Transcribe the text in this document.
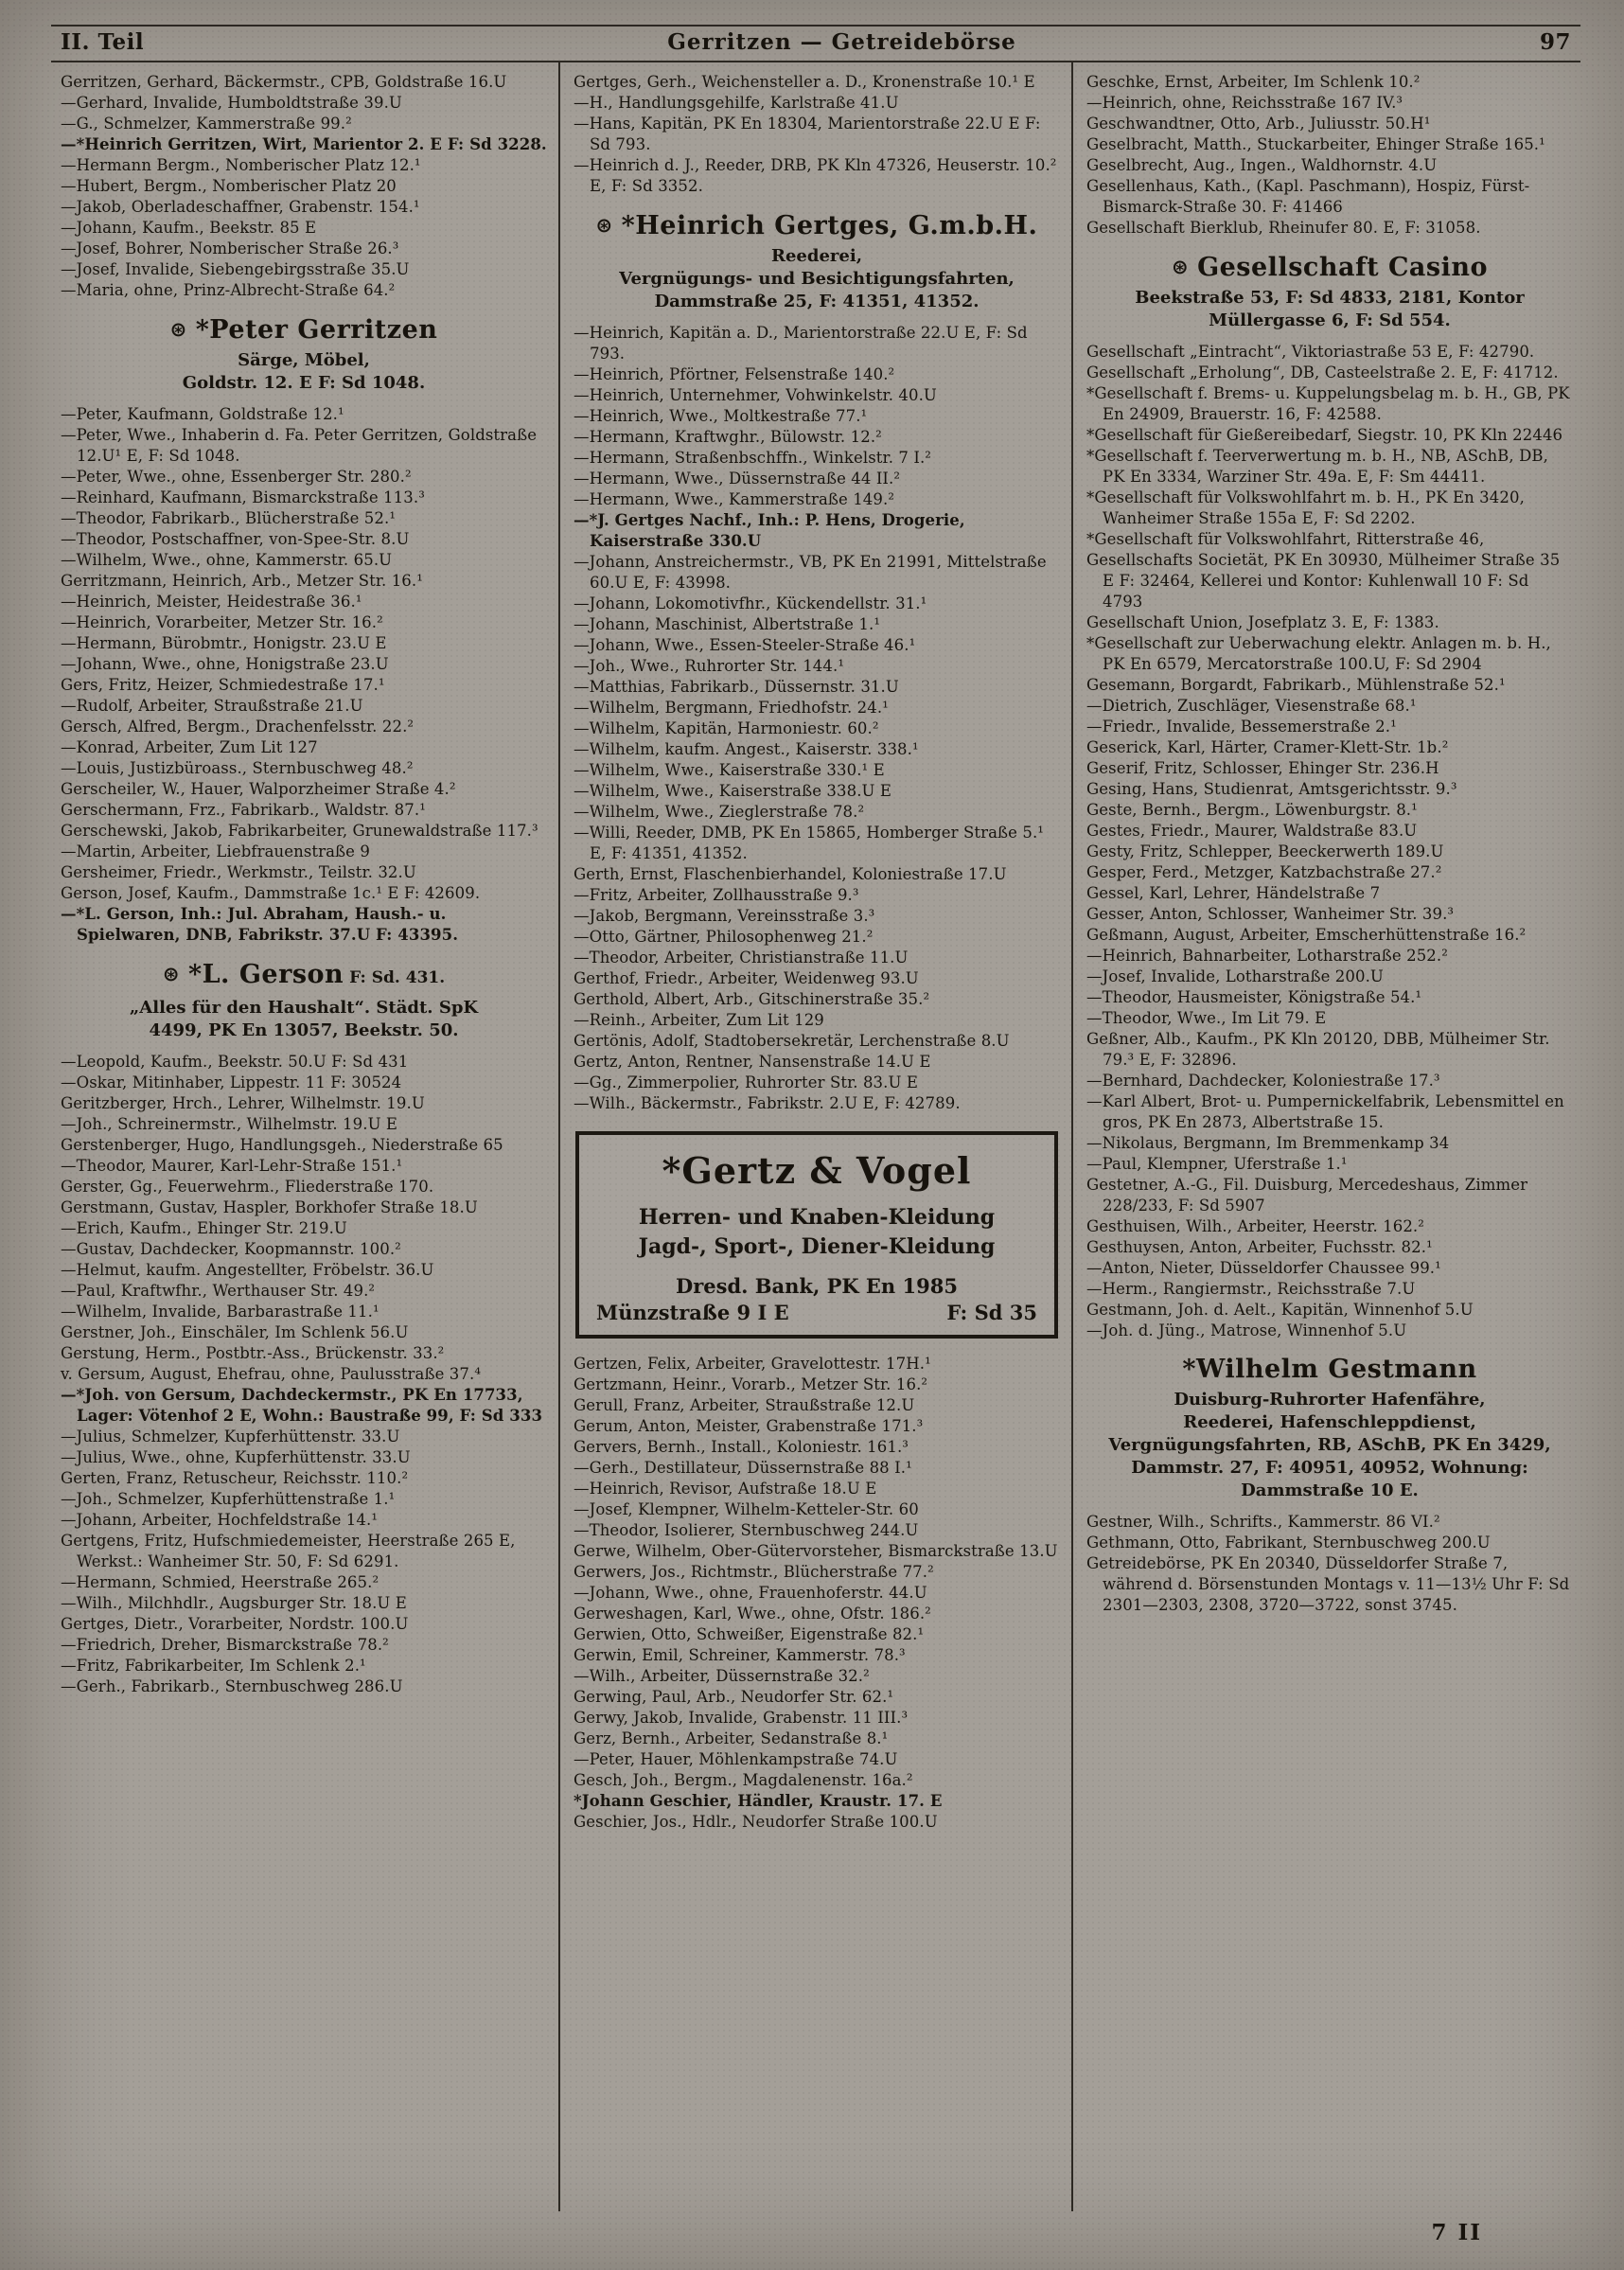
II. Teil	Gerritzen — Getreidebörse	97
Gerritzen, Gerhard, Bäckermstr., CPB, Goldstraße 16.U
—Gerhard, Invalide, Humboldtstraße 39.U
—G., Schmelzer, Kammerstraße 99.²
—*Heinrich Gerritzen, Wirt, Marientor 2. E F: Sd 3228.
—Hermann Bergm., Nomberischer Platz 12.¹
—Hubert, Bergm., Nomberischer Platz 20
—Jakob, Oberladeschaffner, Grabenstr. 154.¹
—Johann, Kaufm., Beekstr. 85 E
—Josef, Bohrer, Nomberischer Straße 26.³
—Josef, Invalide, Siebengebirgsstraße 35.U
—Maria, ohne, Prinz-Albrecht-Straße 64.²
⊛ *Peter Gerritzen
Särge, Möbel,
Goldstr. 12. E F: Sd 1048.
—Peter, Kaufmann, Goldstraße 12.¹
—Peter, Wwe., Inhaberin d. Fa. Peter Gerritzen, Goldstraße 12.U¹ E, F: Sd 1048.
—Peter, Wwe., ohne, Essenberger Str. 280.²
—Reinhard, Kaufmann, Bismarckstraße 113.³
—Theodor, Fabrikarb., Blücherstraße 52.¹
—Theodor, Postschaffner, von-Spee-Str. 8.U
—Wilhelm, Wwe., ohne, Kammerstr. 65.U
Gerritzmann, Heinrich, Arb., Metzer Str. 16.¹
—Heinrich, Meister, Heidestraße 36.¹
—Heinrich, Vorarbeiter, Metzer Str. 16.²
—Hermann, Bürobmtr., Honigstr. 23.U E
—Johann, Wwe., ohne, Honigstraße 23.U
Gers, Fritz, Heizer, Schmiedestraße 17.¹
—Rudolf, Arbeiter, Straußstraße 21.U
Gersch, Alfred, Bergm., Drachenfelsstr. 22.²
—Konrad, Arbeiter, Zum Lit 127
—Louis, Justizbüroass., Sternbuschweg 48.²
Gerscheiler, W., Hauer, Walporzheimer Straße 4.²
Gerschermann, Frz., Fabrikarb., Waldstr. 87.¹
Gerschewski, Jakob, Fabrikarbeiter, Grunewaldstraße 117.³
—Martin, Arbeiter, Liebfrauenstraße 9
Gersheimer, Friedr., Werkmstr., Teilstr. 32.U
Gerson, Josef, Kaufm., Dammstraße 1c.¹ E F: 42609.
—*L. Gerson, Inh.: Jul. Abraham, Haush.- u. Spielwaren, DNB, Fabrikstr. 37.U F: 43395.
⊛ *L. Gerson F: Sd. 431.
„Alles für den Haushalt“. Städt. SpK
4499, PK En 13057, Beekstr. 50.
—Leopold, Kaufm., Beekstr. 50.U F: Sd 431
—Oskar, Mitinhaber, Lippestr. 11 F: 30524
Geritzberger, Hrch., Lehrer, Wilhelmstr. 19.U
—Joh., Schreinermstr., Wilhelmstr. 19.U E
Gerstenberger, Hugo, Handlungsgeh., Niederstraße 65
—Theodor, Maurer, Karl-Lehr-Straße 151.¹
Gerster, Gg., Feuerwehrm., Fliederstraße 170.
Gerstmann, Gustav, Haspler, Borkhofer Straße 18.U
—Erich, Kaufm., Ehinger Str. 219.U
—Gustav, Dachdecker, Koopmannstr. 100.²
—Helmut, kaufm. Angestellter, Fröbelstr. 36.U
—Paul, Kraftwfhr., Werthauser Str. 49.²
—Wilhelm, Invalide, Barbarastraße 11.¹
Gerstner, Joh., Einschäler, Im Schlenk 56.U
Gerstung, Herm., Postbtr.-Ass., Brückenstr. 33.²
v. Gersum, August, Ehefrau, ohne, Paulusstraße 37.⁴
—*Joh. von Gersum, Dachdeckermstr., PK En 17733, Lager: Vötenhof 2 E, Wohn.: Baustraße 99, F: Sd 333
—Julius, Schmelzer, Kupferhüttenstr. 33.U
—Julius, Wwe., ohne, Kupferhüttenstr. 33.U
Gerten, Franz, Retuscheur, Reichsstr. 110.²
—Joh., Schmelzer, Kupferhüttenstraße 1.¹
—Johann, Arbeiter, Hochfeldstraße 14.¹
Gertgens, Fritz, Hufschmiedemeister, Heerstraße 265 E, Werkst.: Wanheimer Str. 50, F: Sd 6291.
—Hermann, Schmied, Heerstraße 265.²
—Wilh., Milchhdlr., Augsburger Str. 18.U E
Gertges, Dietr., Vorarbeiter, Nordstr. 100.U
—Friedrich, Dreher, Bismarckstraße 78.²
—Fritz, Fabrikarbeiter, Im Schlenk 2.¹
—Gerh., Fabrikarb., Sternbuschweg 286.U
Gertges, Gerh., Weichensteller a. D., Kronenstraße 10.¹ E
—H., Handlungsgehilfe, Karlstraße 41.U
—Hans, Kapitän, PK En 18304, Marientorstraße 22.U E F: Sd 793.
—Heinrich d. J., Reeder, DRB, PK Kln 47326, Heuserstr. 10.² E, F: Sd 3352.
⊛ *Heinrich Gertges, G.m.b.H.
Reederei,
Vergnügungs- und Besichtigungsfahrten,
Dammstraße 25, F: 41351, 41352.
—Heinrich, Kapitän a. D., Marientorstraße 22.U E, F: Sd 793.
—Heinrich, Pförtner, Felsenstraße 140.²
—Heinrich, Unternehmer, Vohwinkelstr. 40.U
—Heinrich, Wwe., Moltkestraße 77.¹
—Hermann, Kraftwghr., Bülowstr. 12.²
—Hermann, Straßenbschffn., Winkelstr. 7 I.²
—Hermann, Wwe., Düssernstraße 44 II.²
—Hermann, Wwe., Kammerstraße 149.²
—*J. Gertges Nachf., Inh.: P. Hens, Drogerie, Kaiserstraße 330.U
—Johann, Anstreichermstr., VB, PK En 21991, Mittelstraße 60.U E, F: 43998.
—Johann, Lokomotivfhr., Kückendellstr. 31.¹
—Johann, Maschinist, Albertstraße 1.¹
—Johann, Wwe., Essen-Steeler-Straße 46.¹
—Joh., Wwe., Ruhrorter Str. 144.¹
—Matthias, Fabrikarb., Düssernstr. 31.U
—Wilhelm, Bergmann, Friedhofstr. 24.¹
—Wilhelm, Kapitän, Harmoniestr. 60.²
—Wilhelm, kaufm. Angest., Kaiserstr. 338.¹
—Wilhelm, Wwe., Kaiserstraße 330.¹ E
—Wilhelm, Wwe., Kaiserstraße 338.U E
—Wilhelm, Wwe., Zieglerstraße 78.²
—Willi, Reeder, DMB, PK En 15865, Homberger Straße 5.¹ E, F: 41351, 41352.
Gerth, Ernst, Flaschenbierhandel, Koloniestraße 17.U
—Fritz, Arbeiter, Zollhausstraße 9.³
—Jakob, Bergmann, Vereinsstraße 3.³
—Otto, Gärtner, Philosophenweg 21.²
—Theodor, Arbeiter, Christianstraße 11.U
Gerthof, Friedr., Arbeiter, Weidenweg 93.U
Gerthold, Albert, Arb., Gitschinerstraße 35.²
—Reinh., Arbeiter, Zum Lit 129
Gertönis, Adolf, Stadtobersekretär, Lerchenstraße 8.U
Gertz, Anton, Rentner, Nansenstraße 14.U E
—Gg., Zimmerpolier, Ruhrorter Str. 83.U E
—Wilh., Bäckermstr., Fabrikstr. 2.U E, F: 42789.
*Gertz & Vogel
Herren- und Knaben-Kleidung
Jagd-, Sport-, Diener-Kleidung
Dresd. Bank, PK En 1985
Münzstraße 9 I E	F: Sd 35
Gertzen, Felix, Arbeiter, Gravelottestr. 17H.¹
Gertzmann, Heinr., Vorarb., Metzer Str. 16.²
Gerull, Franz, Arbeiter, Straußstraße 12.U
Gerum, Anton, Meister, Grabenstraße 171.³
Gervers, Bernh., Install., Koloniestr. 161.³
—Gerh., Destillateur, Düssernstraße 88 I.¹
—Heinrich, Revisor, Aufstraße 18.U E
—Josef, Klempner, Wilhelm-Ketteler-Str. 60
—Theodor, Isolierer, Sternbuschweg 244.U
Gerwe, Wilhelm, Ober-Gütervorsteher, Bismarckstraße 13.U
Gerwers, Jos., Richtmstr., Blücherstraße 77.²
—Johann, Wwe., ohne, Frauenhoferstr. 44.U
Gerweshagen, Karl, Wwe., ohne, Ofstr. 186.²
Gerwien, Otto, Schweißer, Eigenstraße 82.¹
Gerwin, Emil, Schreiner, Kammerstr. 78.³
—Wilh., Arbeiter, Düssernstraße 32.²
Gerwing, Paul, Arb., Neudorfer Str. 62.¹
Gerwy, Jakob, Invalide, Grabenstr. 11 III.³
Gerz, Bernh., Arbeiter, Sedanstraße 8.¹
—Peter, Hauer, Möhlenkampstraße 74.U
Gesch, Joh., Bergm., Magdalenenstr. 16a.²
*Johann Geschier, Händler, Kraustr. 17. E
Geschier, Jos., Hdlr., Neudorfer Straße 100.U
Geschke, Ernst, Arbeiter, Im Schlenk 10.²
—Heinrich, ohne, Reichsstraße 167 IV.³
Geschwandtner, Otto, Arb., Juliusstr. 50.H¹
Geselbracht, Matth., Stuckarbeiter, Ehinger Straße 165.¹
Geselbrecht, Aug., Ingen., Waldhornstr. 4.U
Gesellenhaus, Kath., (Kapl. Paschmann), Hospiz, Fürst-Bismarck-Straße 30. F: 41466
Gesellschaft Bierklub, Rheinufer 80. E, F: 31058.
⊛ Gesellschaft Casino
Beekstraße 53, F: Sd 4833, 2181, Kontor
Müllergasse 6, F: Sd 554.
Gesellschaft „Eintracht“, Viktoriastraße 53 E, F: 42790.
Gesellschaft „Erholung“, DB, Casteelstraße 2. E, F: 41712.
*Gesellschaft f. Brems- u. Kuppelungsbelag m. b. H., GB, PK En 24909, Brauerstr. 16, F: 42588.
*Gesellschaft für Gießereibedarf, Siegstr. 10, PK Kln 22446
*Gesellschaft f. Teerverwertung m. b. H., NB, ASchB, DB, PK En 3334, Warziner Str. 49a. E, F: Sm 44411.
*Gesellschaft für Volkswohlfahrt m. b. H., PK En 3420, Wanheimer Straße 155a E, F: Sd 2202.
*Gesellschaft für Volkswohlfahrt, Ritterstraße 46,
Gesellschafts Societät, PK En 30930, Mülheimer Straße 35 E F: 32464, Kellerei und Kontor: Kuhlenwall 10 F: Sd 4793
Gesellschaft Union, Josefplatz 3. E, F: 1383.
*Gesellschaft zur Ueberwachung elektr. Anlagen m. b. H., PK En 6579, Mercatorstraße 100.U, F: Sd 2904
Gesemann, Borgardt, Fabrikarb., Mühlenstraße 52.¹
—Dietrich, Zuschläger, Viesenstraße 68.¹
—Friedr., Invalide, Bessemerstraße 2.¹
Geserick, Karl, Härter, Cramer-Klett-Str. 1b.²
Geserif, Fritz, Schlosser, Ehinger Str. 236.H
Gesing, Hans, Studienrat, Amtsgerichtsstr. 9.³
Geste, Bernh., Bergm., Löwenburgstr. 8.¹
Gestes, Friedr., Maurer, Waldstraße 83.U
Gesty, Fritz, Schlepper, Beeckerwerth 189.U
Gesper, Ferd., Metzger, Katzbachstraße 27.²
Gessel, Karl, Lehrer, Händelstraße 7
Gesser, Anton, Schlosser, Wanheimer Str. 39.³
Geßmann, August, Arbeiter, Emscherhüttenstraße 16.²
—Heinrich, Bahnarbeiter, Lotharstraße 252.²
—Josef, Invalide, Lotharstraße 200.U
—Theodor, Hausmeister, Königstraße 54.¹
—Theodor, Wwe., Im Lit 79. E
Geßner, Alb., Kaufm., PK Kln 20120, DBB, Mülheimer Str. 79.³ E, F: 32896.
—Bernhard, Dachdecker, Koloniestraße 17.³
—Karl Albert, Brot- u. Pumpernickelfabrik, Lebensmittel en gros, PK En 2873, Albertstraße 15.
—Nikolaus, Bergmann, Im Bremmenkamp 34
—Paul, Klempner, Uferstraße 1.¹
Gestetner, A.-G., Fil. Duisburg, Mercedeshaus, Zimmer 228/233, F: Sd 5907
Gesthuisen, Wilh., Arbeiter, Heerstr. 162.²
Gesthuysen, Anton, Arbeiter, Fuchsstr. 82.¹
—Anton, Nieter, Düsseldorfer Chaussee 99.¹
—Herm., Rangiermstr., Reichsstraße 7.U
Gestmann, Joh. d. Aelt., Kapitän, Winnenhof 5.U
—Joh. d. Jüng., Matrose, Winnenhof 5.U
*Wilhelm Gestmann
Duisburg-Ruhrorter Hafenfähre,
Reederei, Hafenschleppdienst, Vergnügungsfahrten, RB, ASchB, PK En 3429,
Dammstr. 27, F: 40951, 40952, Wohnung:
Dammstraße 10 E.
Gestner, Wilh., Schrifts., Kammerstr. 86 VI.²
Gethmann, Otto, Fabrikant, Sternbuschweg 200.U
Getreidebörse, PK En 20340, Düsseldorfer Straße 7, während d. Börsenstunden Montags v. 11—13½ Uhr F: Sd 2301—2303, 2308, 3720—3722, sonst 3745.
7 II
